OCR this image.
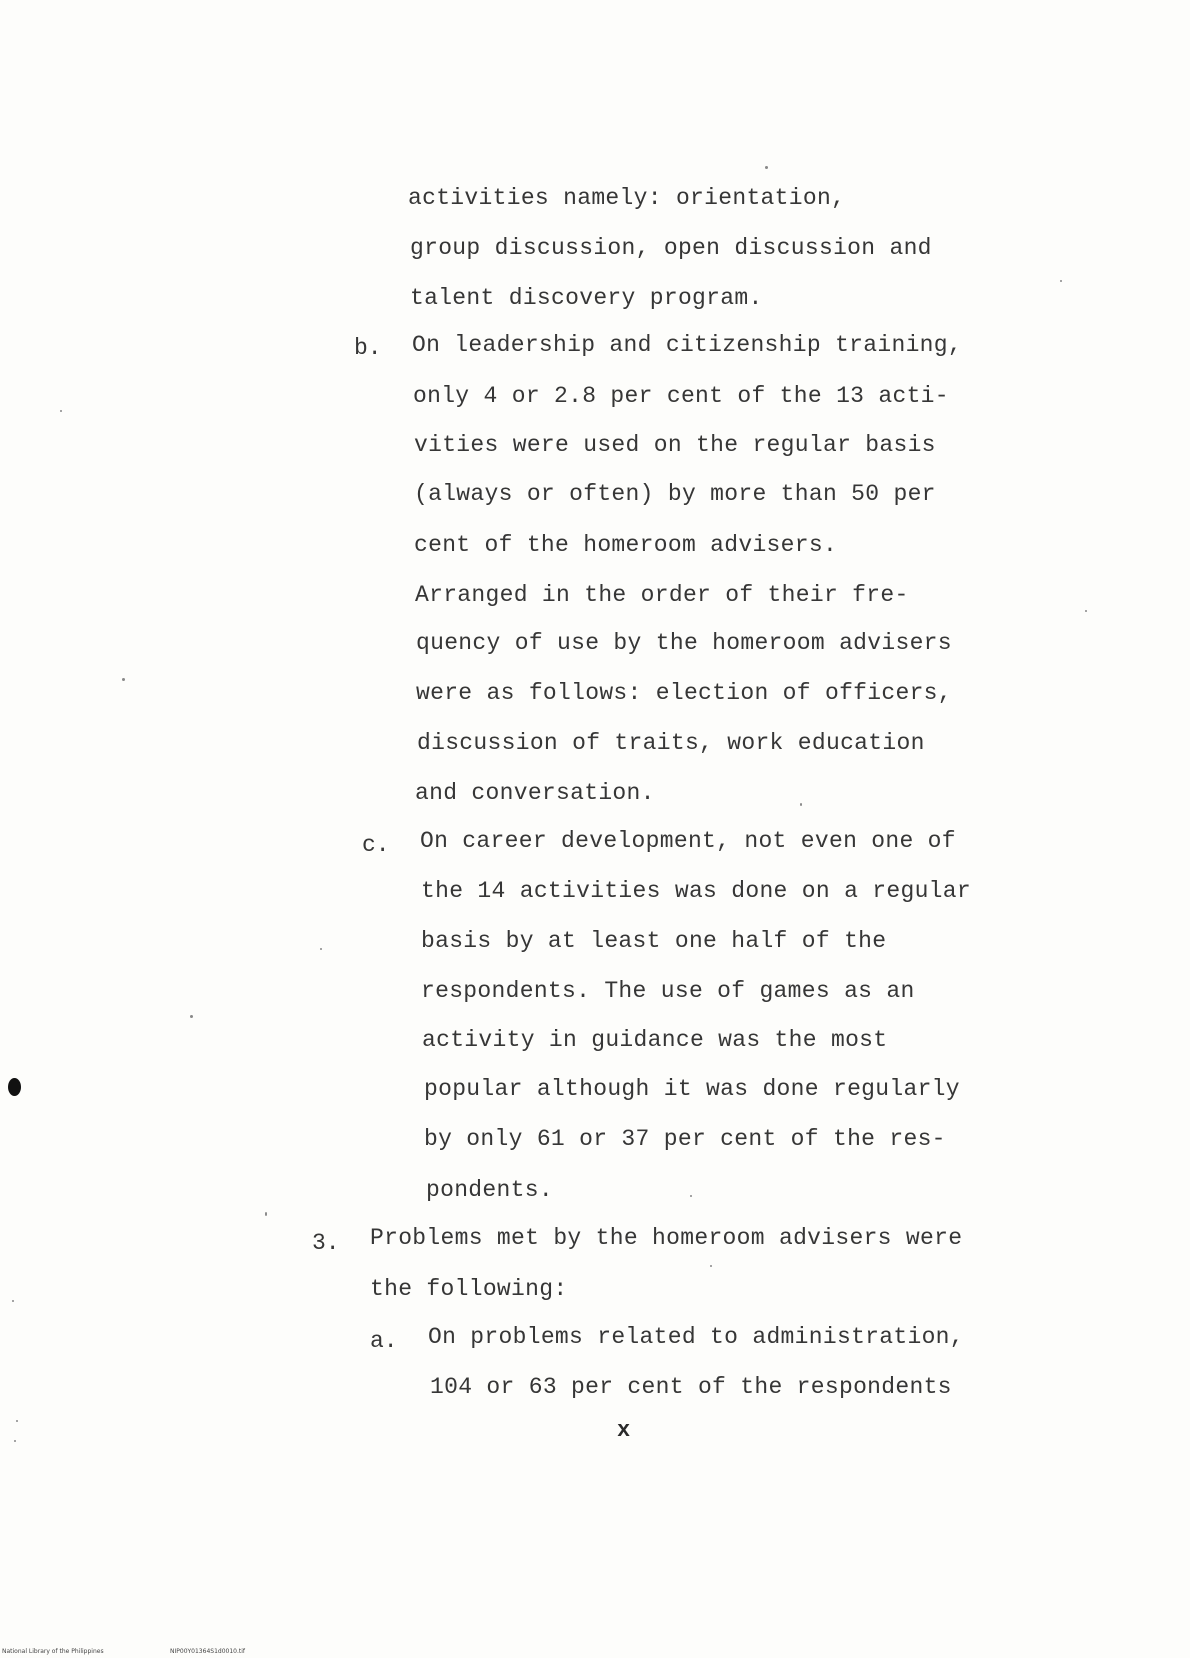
activities namely: orientation,
group discussion, open discussion and
talent discovery program.
b. On leadership and citizenship training,
only 4 or 2.8 per cent of the 13 acti-
vities were used on the regular basis
(always or often) by more than 50 per
cent of the homeroom advisers.
Arranged in the order of their fre-
quency of use by the homeroom advisers
were as follows: election of officers,
discussion of traits, work education
and conversation.
c. On career development, not even one of
the 14 activities was done on a regular
basis by at least one half of the
respondents. The use of games as an
activity in guidance was the most
popular although it was done regularly
by only 61 or 37 per cent of the res-
pondents.
3. Problems met by the homeroom advisers were
the following:
a. On problems related to administration,
104 or 63 per cent of the respondents
x
National Library of the Philippines	NIP00Y01364S1d0010.tif
